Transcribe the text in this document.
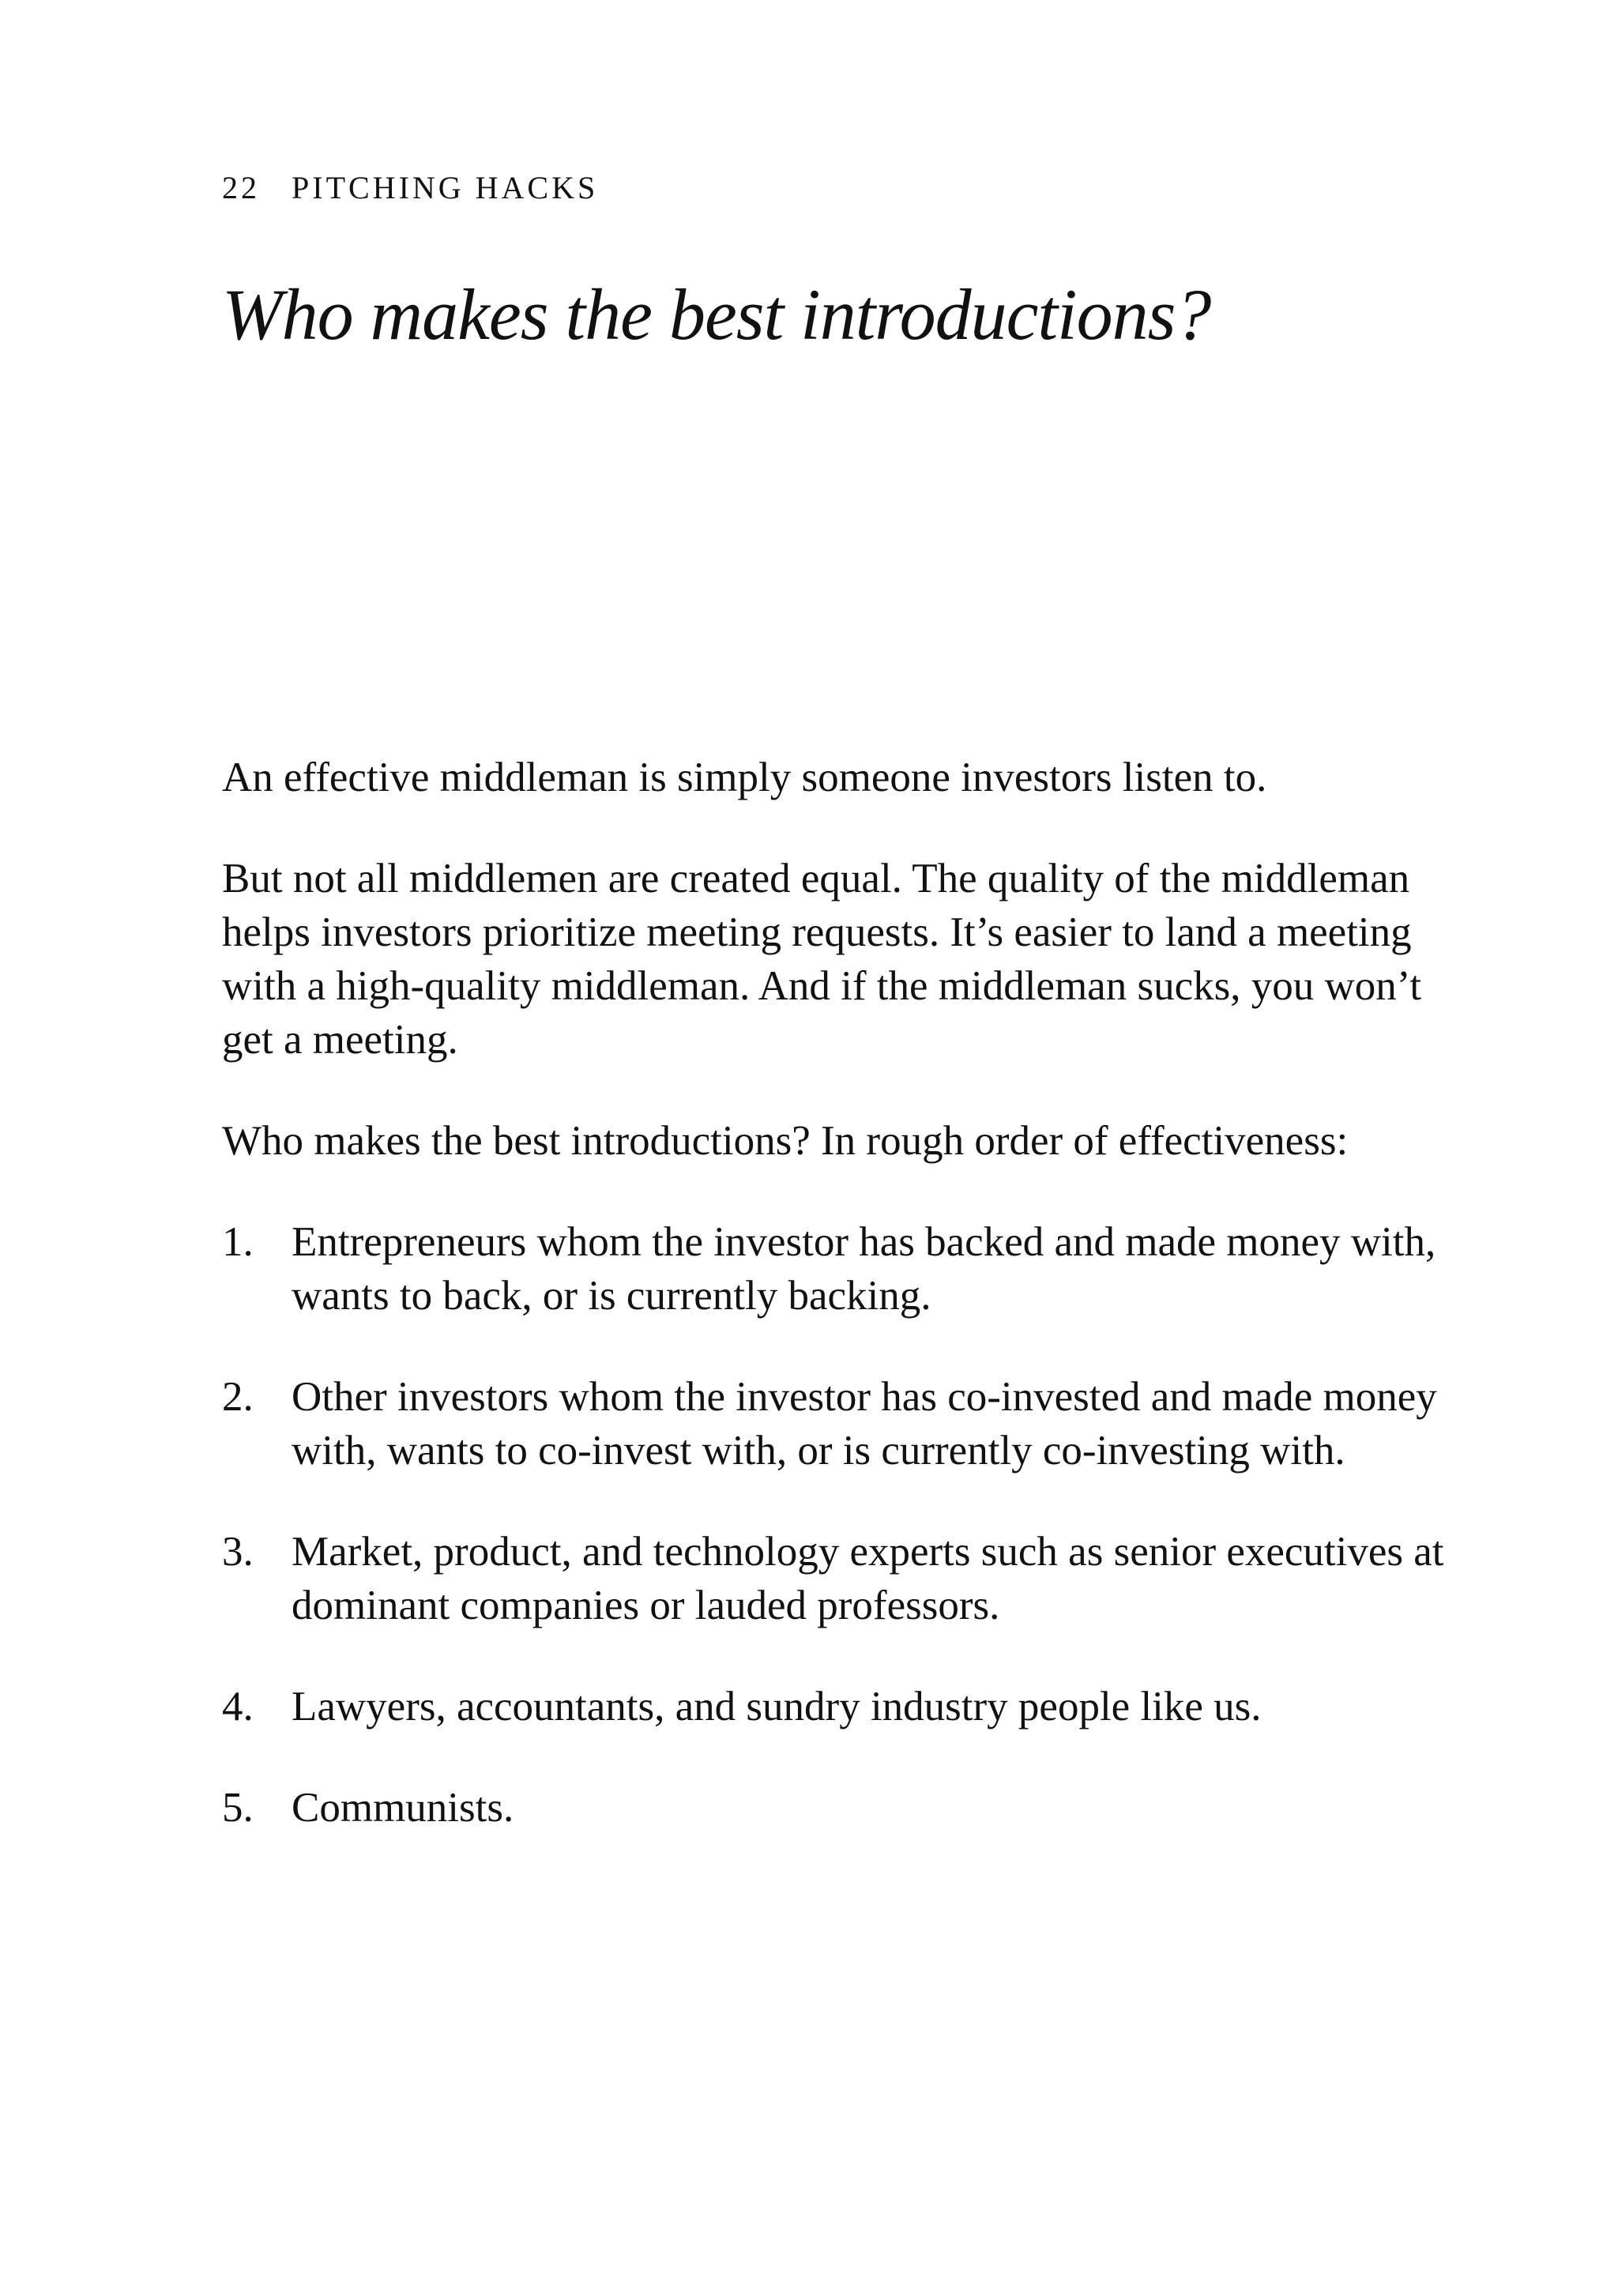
22 PITCHING HACKS
Who makes the best introductions?

An effective middleman is simply someone investors listen to.

But not all middlemen are created equal. The quality of the middleman helps investors prioritize meeting requests. It’s easier to land a meeting with a high-quality middleman. And if the middleman sucks, you won’t get a meeting.

Who makes the best introductions? In rough order of effectiveness:

1. Entrepreneurs whom the investor has backed and made money with, wants to back, or is currently backing.
2. Other investors whom the investor has co-invested and made money with, wants to co-invest with, or is currently co-investing with.
3. Market, product, and technology experts such as senior executives at dominant companies or lauded professors.
4. Lawyers, accountants, and sundry industry people like us.
5. Communists.
